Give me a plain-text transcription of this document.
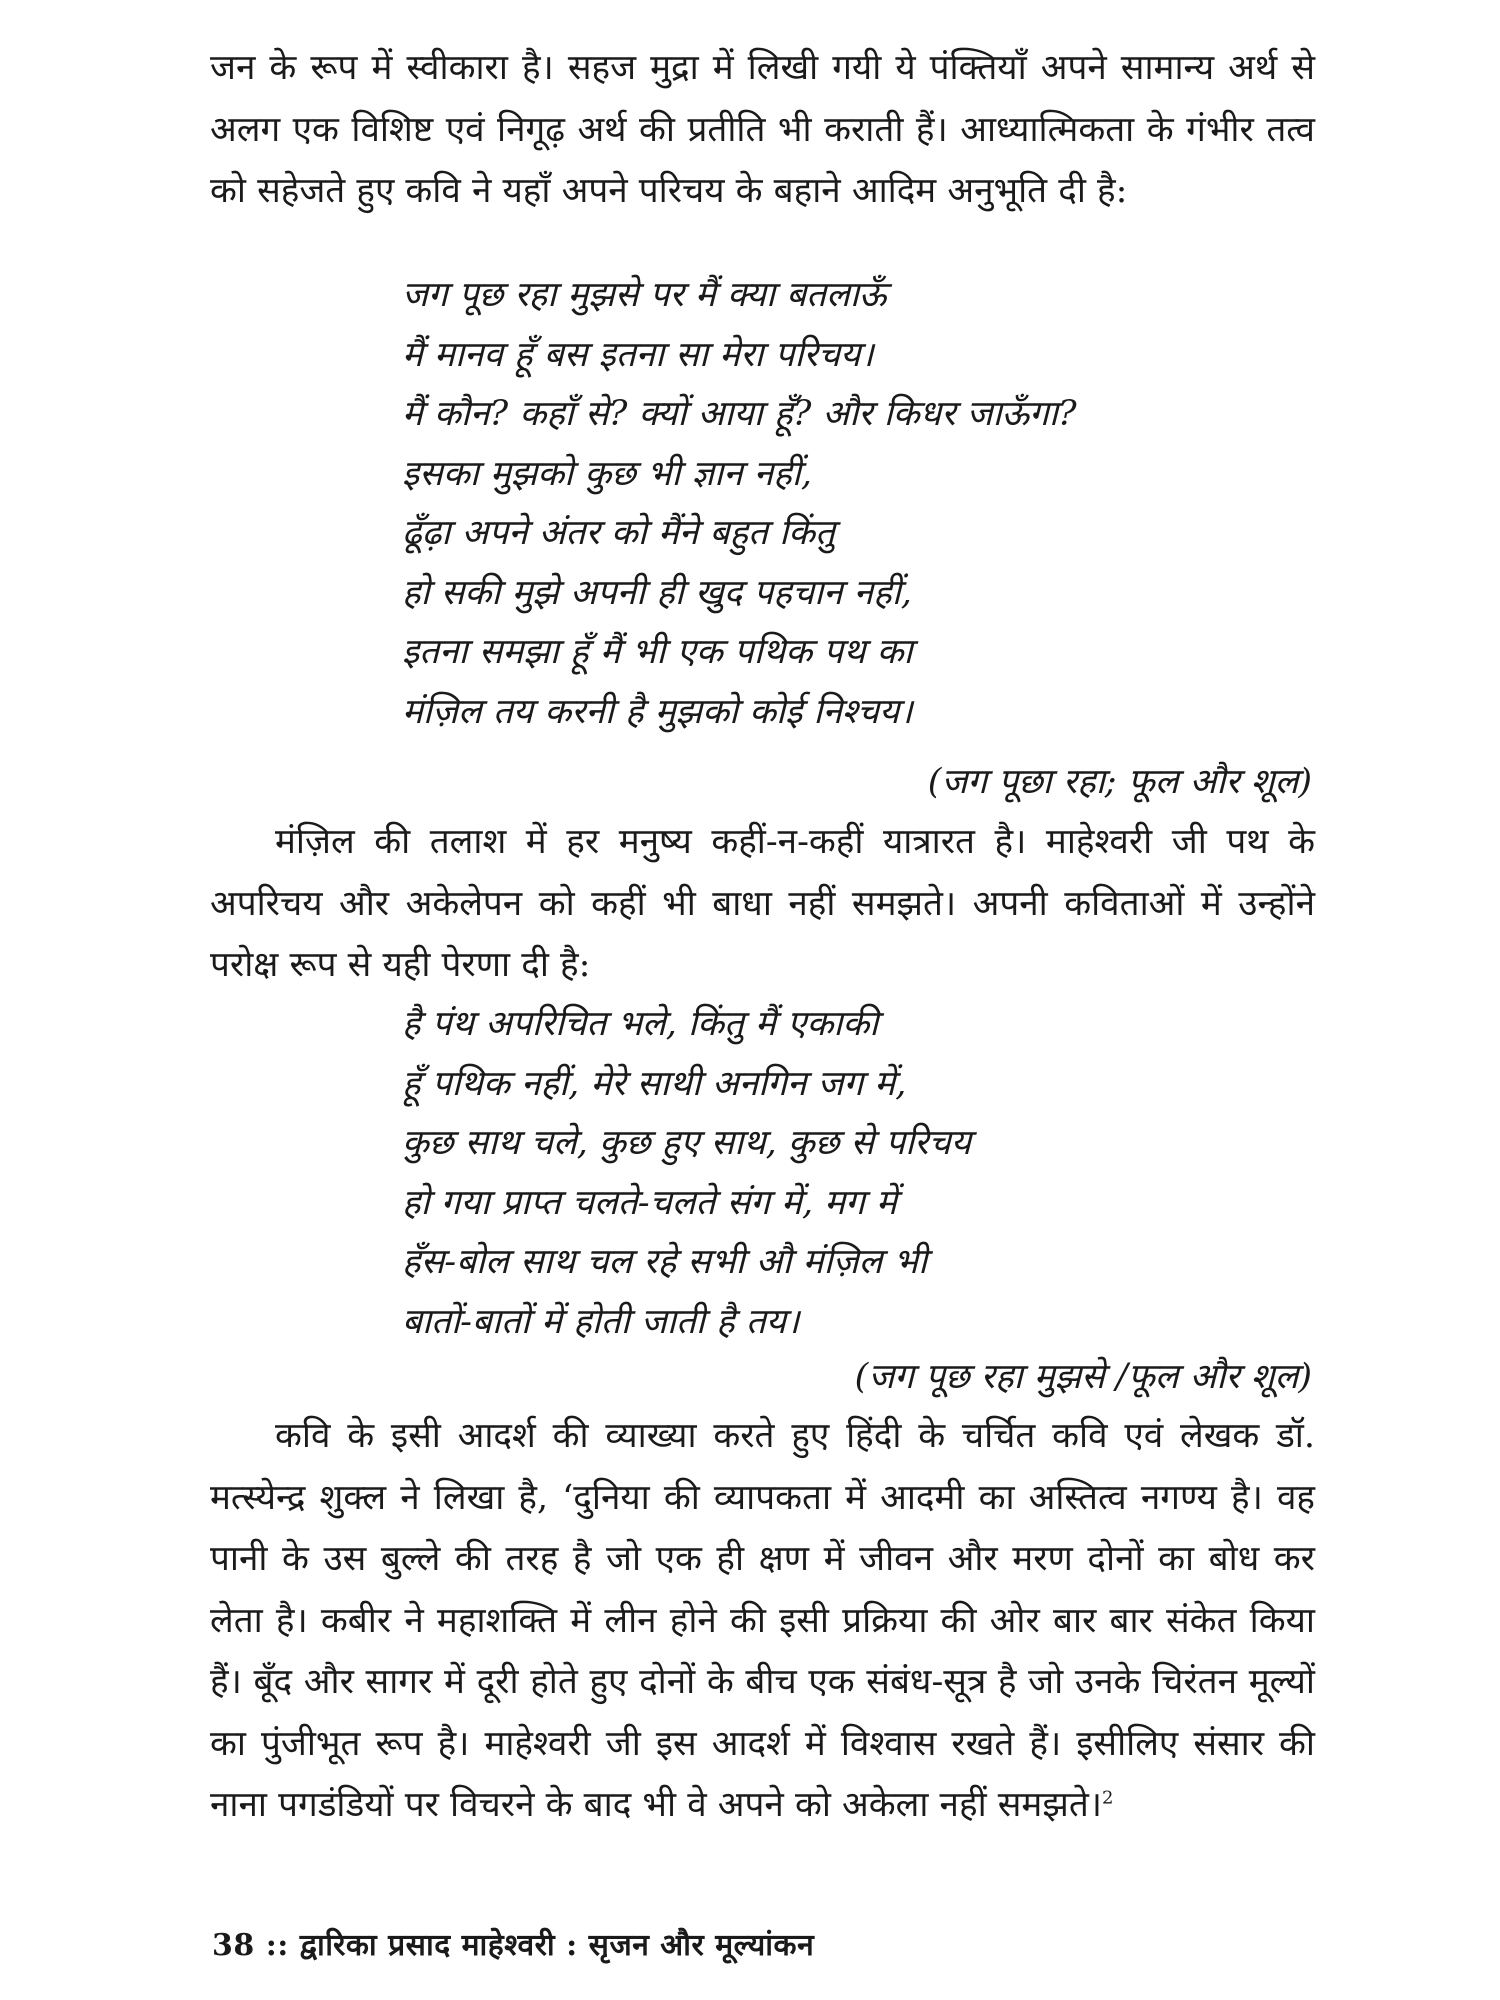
जन के रूप में स्वीकारा है। सहज मुद्रा में लिखी गयी ये पंक्तियाँ अपने सामान्य अर्थ से अलग एक विशिष्ट एवं निगूढ़ अर्थ की प्रतीति भी कराती हैं। आध्यात्मिकता के गंभीर तत्व को सहेजते हुए कवि ने यहाँ अपने परिचय के बहाने आदिम अनुभूति दी है:

जग पूछ रहा मुझसे पर मैं क्या बतलाऊँ
मैं मानव हूँ बस इतना सा मेरा परिचय।
मैं कौन? कहाँ से? क्यों आया हूँ? और किधर जाऊँगा?
इसका मुझको कुछ भी ज्ञान नहीं,
ढूँढ़ा अपने अंतर को मैंने बहुत किंतु
हो सकी मुझे अपनी ही खुद पहचान नहीं,
इतना समझा हूँ मैं भी एक पथिक पथ का
मंज़िल तय करनी है मुझको कोई निश्चय।

(जग पूछा रहा; फूल और शूल)

मंज़िल की तलाश में हर मनुष्य कहीं-न-कहीं यात्रारत है। माहेश्वरी जी पथ के अपरिचय और अकेलेपन को कहीं भी बाधा नहीं समझते। अपनी कविताओं में उन्होंने परोक्ष रूप से यही पेरणा दी है:

है पंथ अपरिचित भले, किंतु मैं एकाकी
हूँ पथिक नहीं, मेरे साथी अनगिन जग में,
कुछ साथ चले, कुछ हुए साथ, कुछ से परिचय
हो गया प्राप्त चलते-चलते संग में, मग में
हँस-बोल साथ चल रहे सभी औ मंज़िल भी
बातों-बातों में होती जाती है तय।

(जग पूछ रहा मुझसे /फूल और शूल)

कवि के इसी आदर्श की व्याख्या करते हुए हिंदी के चर्चित कवि एवं लेखक डॉ. मत्स्येन्द्र शुक्ल ने लिखा है, ‘दुनिया की व्यापकता में आदमी का अस्तित्व नगण्य है। वह पानी के उस बुल्ले की तरह है जो एक ही क्षण में जीवन और मरण दोनों का बोध कर लेता है। कबीर ने महाशक्ति में लीन होने की इसी प्रक्रिया की ओर बार बार संकेत किया हैं। बूँद और सागर में दूरी होते हुए दोनों के बीच एक संबंध-सूत्र है जो उनके चिरंतन मूल्यों का पुंजीभूत रूप है। माहेश्वरी जी इस आदर्श में विश्वास रखते हैं। इसीलिए संसार की नाना पगडंडियों पर विचरने के बाद भी वे अपने को अकेला नहीं समझते।$^2$

38 :: द्वारिका प्रसाद माहेश्वरी : सृजन और मूल्यांकन
